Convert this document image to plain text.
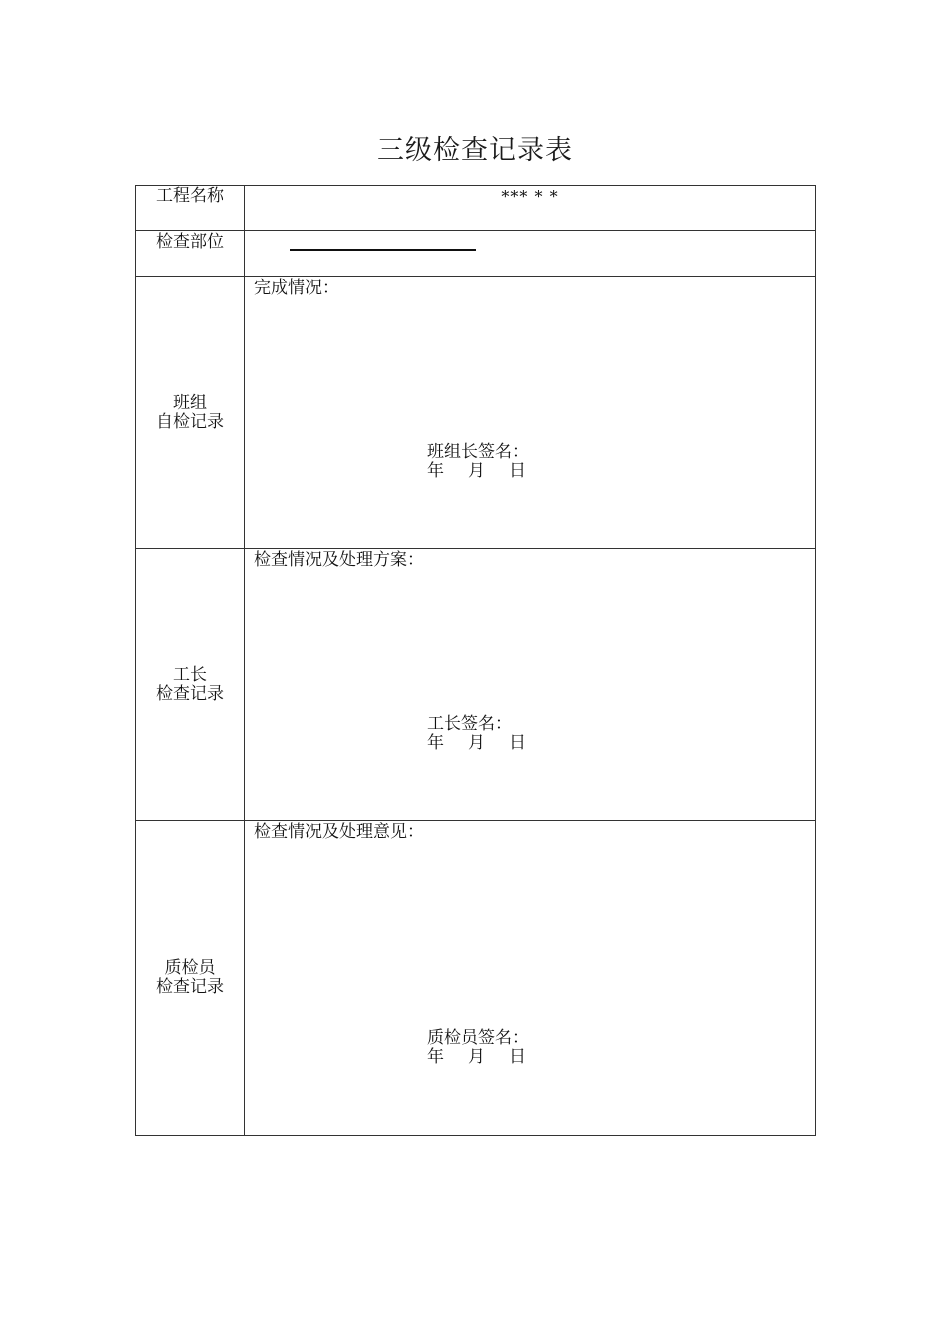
三级检查记录表
工程名称	*** * *
检查部位
班组
自检记录
完成情况：
班组长签名：
年 月 日
工长
检查记录
检查情况及处理方案：
工长签名：
年 月 日
质检员
检查记录
检查情况及处理意见：
质检员签名：
年 月 日
